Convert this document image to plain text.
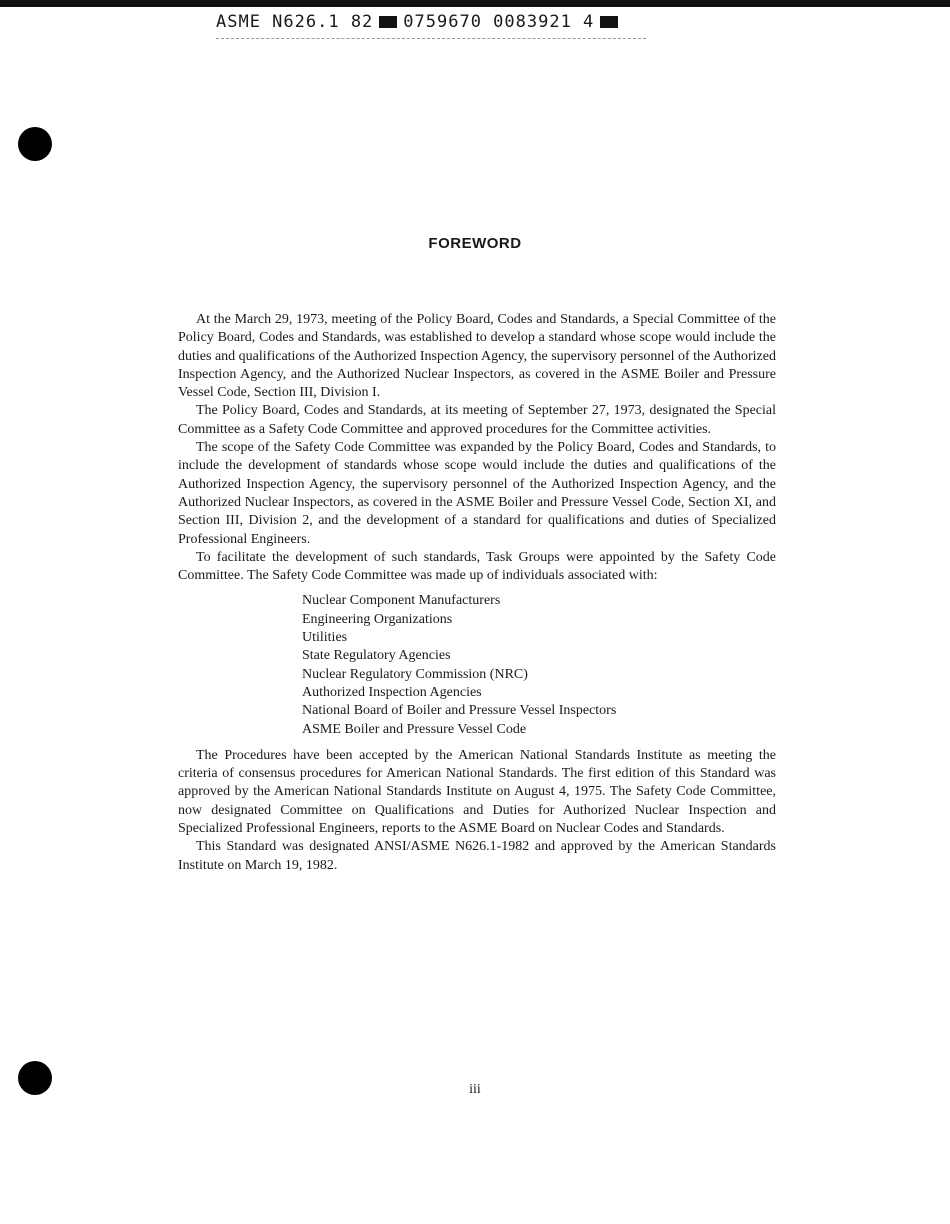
ASME N626.1 82 0759670 0083921 4
FOREWORD

At the March 29, 1973, meeting of the Policy Board, Codes and Standards, a Special Committee of the Policy Board, Codes and Standards, was established to develop a standard whose scope would include the duties and qualifications of the Authorized Inspection Agency, the supervisory personnel of the Authorized Inspection Agency, and the Authorized Nuclear Inspectors, as covered in the ASME Boiler and Pressure Vessel Code, Section III, Division I.

The Policy Board, Codes and Standards, at its meeting of September 27, 1973, designated the Special Committee as a Safety Code Committee and approved procedures for the Committee activities.

The scope of the Safety Code Committee was expanded by the Policy Board, Codes and Standards, to include the development of standards whose scope would include the duties and qualifications of the Authorized Inspection Agency, the supervisory personnel of the Authorized Inspection Agency, and the Authorized Nuclear Inspectors, as covered in the ASME Boiler and Pressure Vessel Code, Section XI, and Section III, Division 2, and the development of a standard for qualifications and duties of Specialized Professional Engineers.

To facilitate the development of such standards, Task Groups were appointed by the Safety Code Committee. The Safety Code Committee was made up of individuals associated with:

Nuclear Component Manufacturers
Engineering Organizations
Utilities
State Regulatory Agencies
Nuclear Regulatory Commission (NRC)
Authorized Inspection Agencies
National Board of Boiler and Pressure Vessel Inspectors
ASME Boiler and Pressure Vessel Code

The Procedures have been accepted by the American National Standards Institute as meeting the criteria of consensus procedures for American National Standards. The first edition of this Standard was approved by the American National Standards Institute on August 4, 1975. The Safety Code Committee, now designated Committee on Qualifications and Duties for Authorized Nuclear Inspection and Specialized Professional Engineers, reports to the ASME Board on Nuclear Codes and Standards.

This Standard was designated ANSI/ASME N626.1-1982 and approved by the American Standards Institute on March 19, 1982.

iii
